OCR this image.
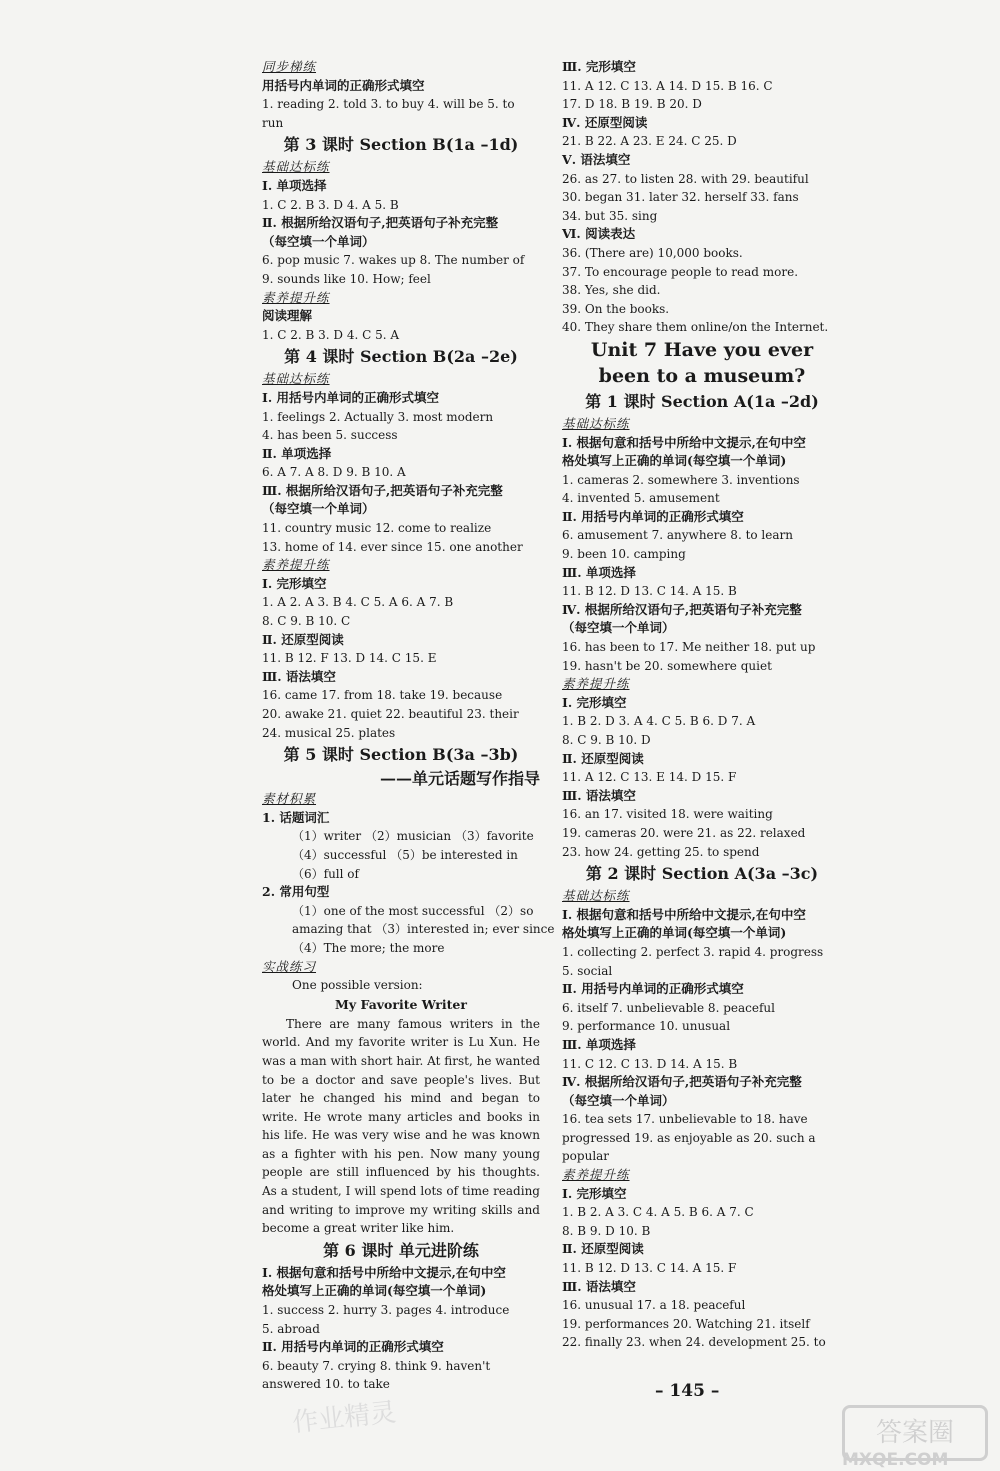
同步梯练
用括号内单词的正确形式填空
1. reading 2. told 3. to buy 4. will be 5. to
run
第 3 课时 Section B(1a –1d)
基础达标练
Ⅰ. 单项选择
1. C 2. B 3. D 4. A 5. B
Ⅱ. 根据所给汉语句子,把英语句子补充完整
（每空填一个单词）
6. pop music 7. wakes up 8. The number of
9. sounds like 10. How; feel
素养提升练
阅读理解
1. C 2. B 3. D 4. C 5. A
第 4 课时 Section B(2a –2e)
基础达标练
Ⅰ. 用括号内单词的正确形式填空
1. feelings 2. Actually 3. most modern
4. has been 5. success
Ⅱ. 单项选择
6. A 7. A 8. D 9. B 10. A
Ⅲ. 根据所给汉语句子,把英语句子补充完整
（每空填一个单词）
11. country music 12. come to realize
13. home of 14. ever since 15. one another
素养提升练
Ⅰ. 完形填空
1. A 2. A 3. B 4. C 5. A 6. A 7. B
8. C 9. B 10. C
Ⅱ. 还原型阅读
11. B 12. F 13. D 14. C 15. E
Ⅲ. 语法填空
16. came 17. from 18. take 19. because
20. awake 21. quiet 22. beautiful 23. their
24. musical 25. plates
第 5 课时 Section B(3a –3b)
——单元话题写作指导
素材积累
1. 话题词汇
（1）writer （2）musician （3）favorite
（4）successful （5）be interested in
（6）full of
2. 常用句型
（1）one of the most successful （2）so
amazing that （3）interested in; ever since
（4）The more; the more
实战练习
One possible version:
My Favorite Writer
There are many famous writers in the world. And my favorite writer is Lu Xun. He was a man with short hair. At first, he wanted to be a doctor and save people's lives. But later he changed his mind and began to write. He wrote many articles and books in his life. He was very wise and he was known as a fighter with his pen. Now many young people are still influenced by his thoughts. As a student, I will spend lots of time reading and writing to improve my writing skills and become a great writer like him.
第 6 课时 单元进阶练
Ⅰ. 根据句意和括号中所给中文提示,在句中空
格处填写上正确的单词(每空填一个单词)
1. success 2. hurry 3. pages 4. introduce
5. abroad
Ⅱ. 用括号内单词的正确形式填空
6. beauty 7. crying 8. think 9. haven't
answered 10. to take
Ⅲ. 完形填空
11. A 12. C 13. A 14. D 15. B 16. C
17. D 18. B 19. B 20. D
Ⅳ. 还原型阅读
21. B 22. A 23. E 24. C 25. D
Ⅴ. 语法填空
26. as 27. to listen 28. with 29. beautiful
30. began 31. later 32. herself 33. fans
34. but 35. sing
Ⅵ. 阅读表达
36. (There are) 10,000 books.
37. To encourage people to read more.
38. Yes, she did.
39. On the books.
40. They share them online/on the Internet.
Unit 7 Have you ever
been to a museum?
第 1 课时 Section A(1a –2d)
基础达标练
Ⅰ. 根据句意和括号中所给中文提示,在句中空
格处填写上正确的单词(每空填一个单词)
1. cameras 2. somewhere 3. inventions
4. invented 5. amusement
Ⅱ. 用括号内单词的正确形式填空
6. amusement 7. anywhere 8. to learn
9. been 10. camping
Ⅲ. 单项选择
11. B 12. D 13. C 14. A 15. B
Ⅳ. 根据所给汉语句子,把英语句子补充完整
（每空填一个单词）
16. has been to 17. Me neither 18. put up
19. hasn't be 20. somewhere quiet
素养提升练
Ⅰ. 完形填空
1. B 2. D 3. A 4. C 5. B 6. D 7. A
8. C 9. B 10. D
Ⅱ. 还原型阅读
11. A 12. C 13. E 14. D 15. F
Ⅲ. 语法填空
16. an 17. visited 18. were waiting
19. cameras 20. were 21. as 22. relaxed
23. how 24. getting 25. to spend
第 2 课时 Section A(3a –3c)
基础达标练
Ⅰ. 根据句意和括号中所给中文提示,在句中空
格处填写上正确的单词(每空填一个单词)
1. collecting 2. perfect 3. rapid 4. progress
5. social
Ⅱ. 用括号内单词的正确形式填空
6. itself 7. unbelievable 8. peaceful
9. performance 10. unusual
Ⅲ. 单项选择
11. C 12. C 13. D 14. A 15. B
Ⅳ. 根据所给汉语句子,把英语句子补充完整
（每空填一个单词）
16. tea sets 17. unbelievable to 18. have
progressed 19. as enjoyable as 20. such a
popular
素养提升练
Ⅰ. 完形填空
1. B 2. A 3. C 4. A 5. B 6. A 7. C
8. B 9. D 10. B
Ⅱ. 还原型阅读
11. B 12. D 13. C 14. A 15. F
Ⅲ. 语法填空
16. unusual 17. a 18. peaceful
19. performances 20. Watching 21. itself
22. finally 23. when 24. development 25. to
– 145 –
作业精灵	答案圈
MXQE.COM
